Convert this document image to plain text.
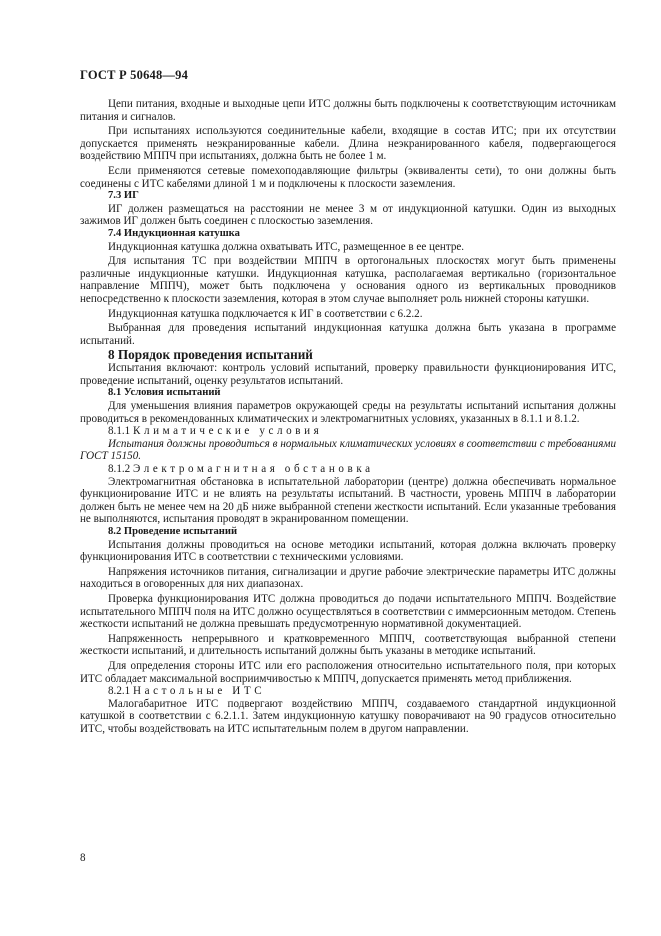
ГОСТ Р 50648—94

Цепи питания, входные и выходные цепи ИТС должны быть подключены к соответствующим источникам питания и сигналов.

При испытаниях используются соединительные кабели, входящие в состав ИТС; при их отсутствии допускается применять неэкранированные кабели. Длина неэкранированного кабеля, подвергающегося воздействию МППЧ при испытаниях, должна быть не более 1 м.

Если применяются сетевые помехоподавляющие фильтры (эквиваленты сети), то они должны быть соединены с ИТС кабелями длиной 1 м и подключены к плоскости заземления.

7.3 ИГ

ИГ должен размещаться на расстоянии не менее 3 м от индукционной катушки. Один из выходных зажимов ИГ должен быть соединен с плоскостью заземления.

7.4 Индукционная катушка

Индукционная катушка должна охватывать ИТС, размещенное в ее центре.

Для испытания ТС при воздействии МППЧ в ортогональных плоскостях могут быть применены различные индукционные катушки. Индукционная катушка, располагаемая вертикально (горизонтальное направление МППЧ), может быть подключена у основания одного из вертикальных проводников непосредственно к плоскости заземления, которая в этом случае выполняет роль нижней стороны катушки.

Индукционная катушка подключается к ИГ в соответствии с 6.2.2.

Выбранная для проведения испытаний индукционная катушка должна быть указана в программе испытаний.

8 Порядок проведения испытаний

Испытания включают: контроль условий испытаний, проверку правильности функционирования ИТС, проведение испытаний, оценку результатов испытаний.

8.1 Условия испытаний

Для уменьшения влияния параметров окружающей среды на результаты испытаний испытания должны проводиться в рекомендованных климатических и электромагнитных условиях, указанных в 8.1.1 и 8.1.2.

8.1.1 Климатические условия

Испытания должны проводиться в нормальных климатических условиях в соответствии с требованиями ГОСТ 15150.

8.1.2 Электромагнитная обстановка

Электромагнитная обстановка в испытательной лаборатории (центре) должна обеспечивать нормальное функционирование ИТС и не влиять на результаты испытаний. В частности, уровень МППЧ в лаборатории должен быть не менее чем на 20 дБ ниже выбранной степени жесткости испытаний. Если указанные требования не выполняются, испытания проводят в экранированном помещении.

8.2 Проведение испытаний

Испытания должны проводиться на основе методики испытаний, которая должна включать проверку функционирования ИТС в соответствии с техническими условиями.

Напряжения источников питания, сигнализации и другие рабочие электрические параметры ИТС должны находиться в оговоренных для них диапазонах.

Проверка функционирования ИТС должна проводиться до подачи испытательного МППЧ. Воздействие испытательного МППЧ поля на ИТС должно осуществляться в соответствии с иммерсионным методом. Степень жесткости испытаний не должна превышать предусмотренную нормативной документацией.

Напряженность непрерывного и кратковременного МППЧ, соответствующая выбранной степени жесткости испытаний, и длительность испытаний должны быть указаны в методике испытаний.

Для определения стороны ИТС или его расположения относительно испытательного поля, при которых ИТС обладает максимальной восприимчивостью к МППЧ, допускается применять метод приближения.

8.2.1 Настольные ИТС

Малогабаритное ИТС подвергают воздействию МППЧ, создаваемого стандартной индукционной катушкой в соответствии с 6.2.1.1. Затем индукционную катушку поворачивают на 90 градусов относительно ИТС, чтобы воздействовать на ИТС испытательным полем в другом направлении.

8
